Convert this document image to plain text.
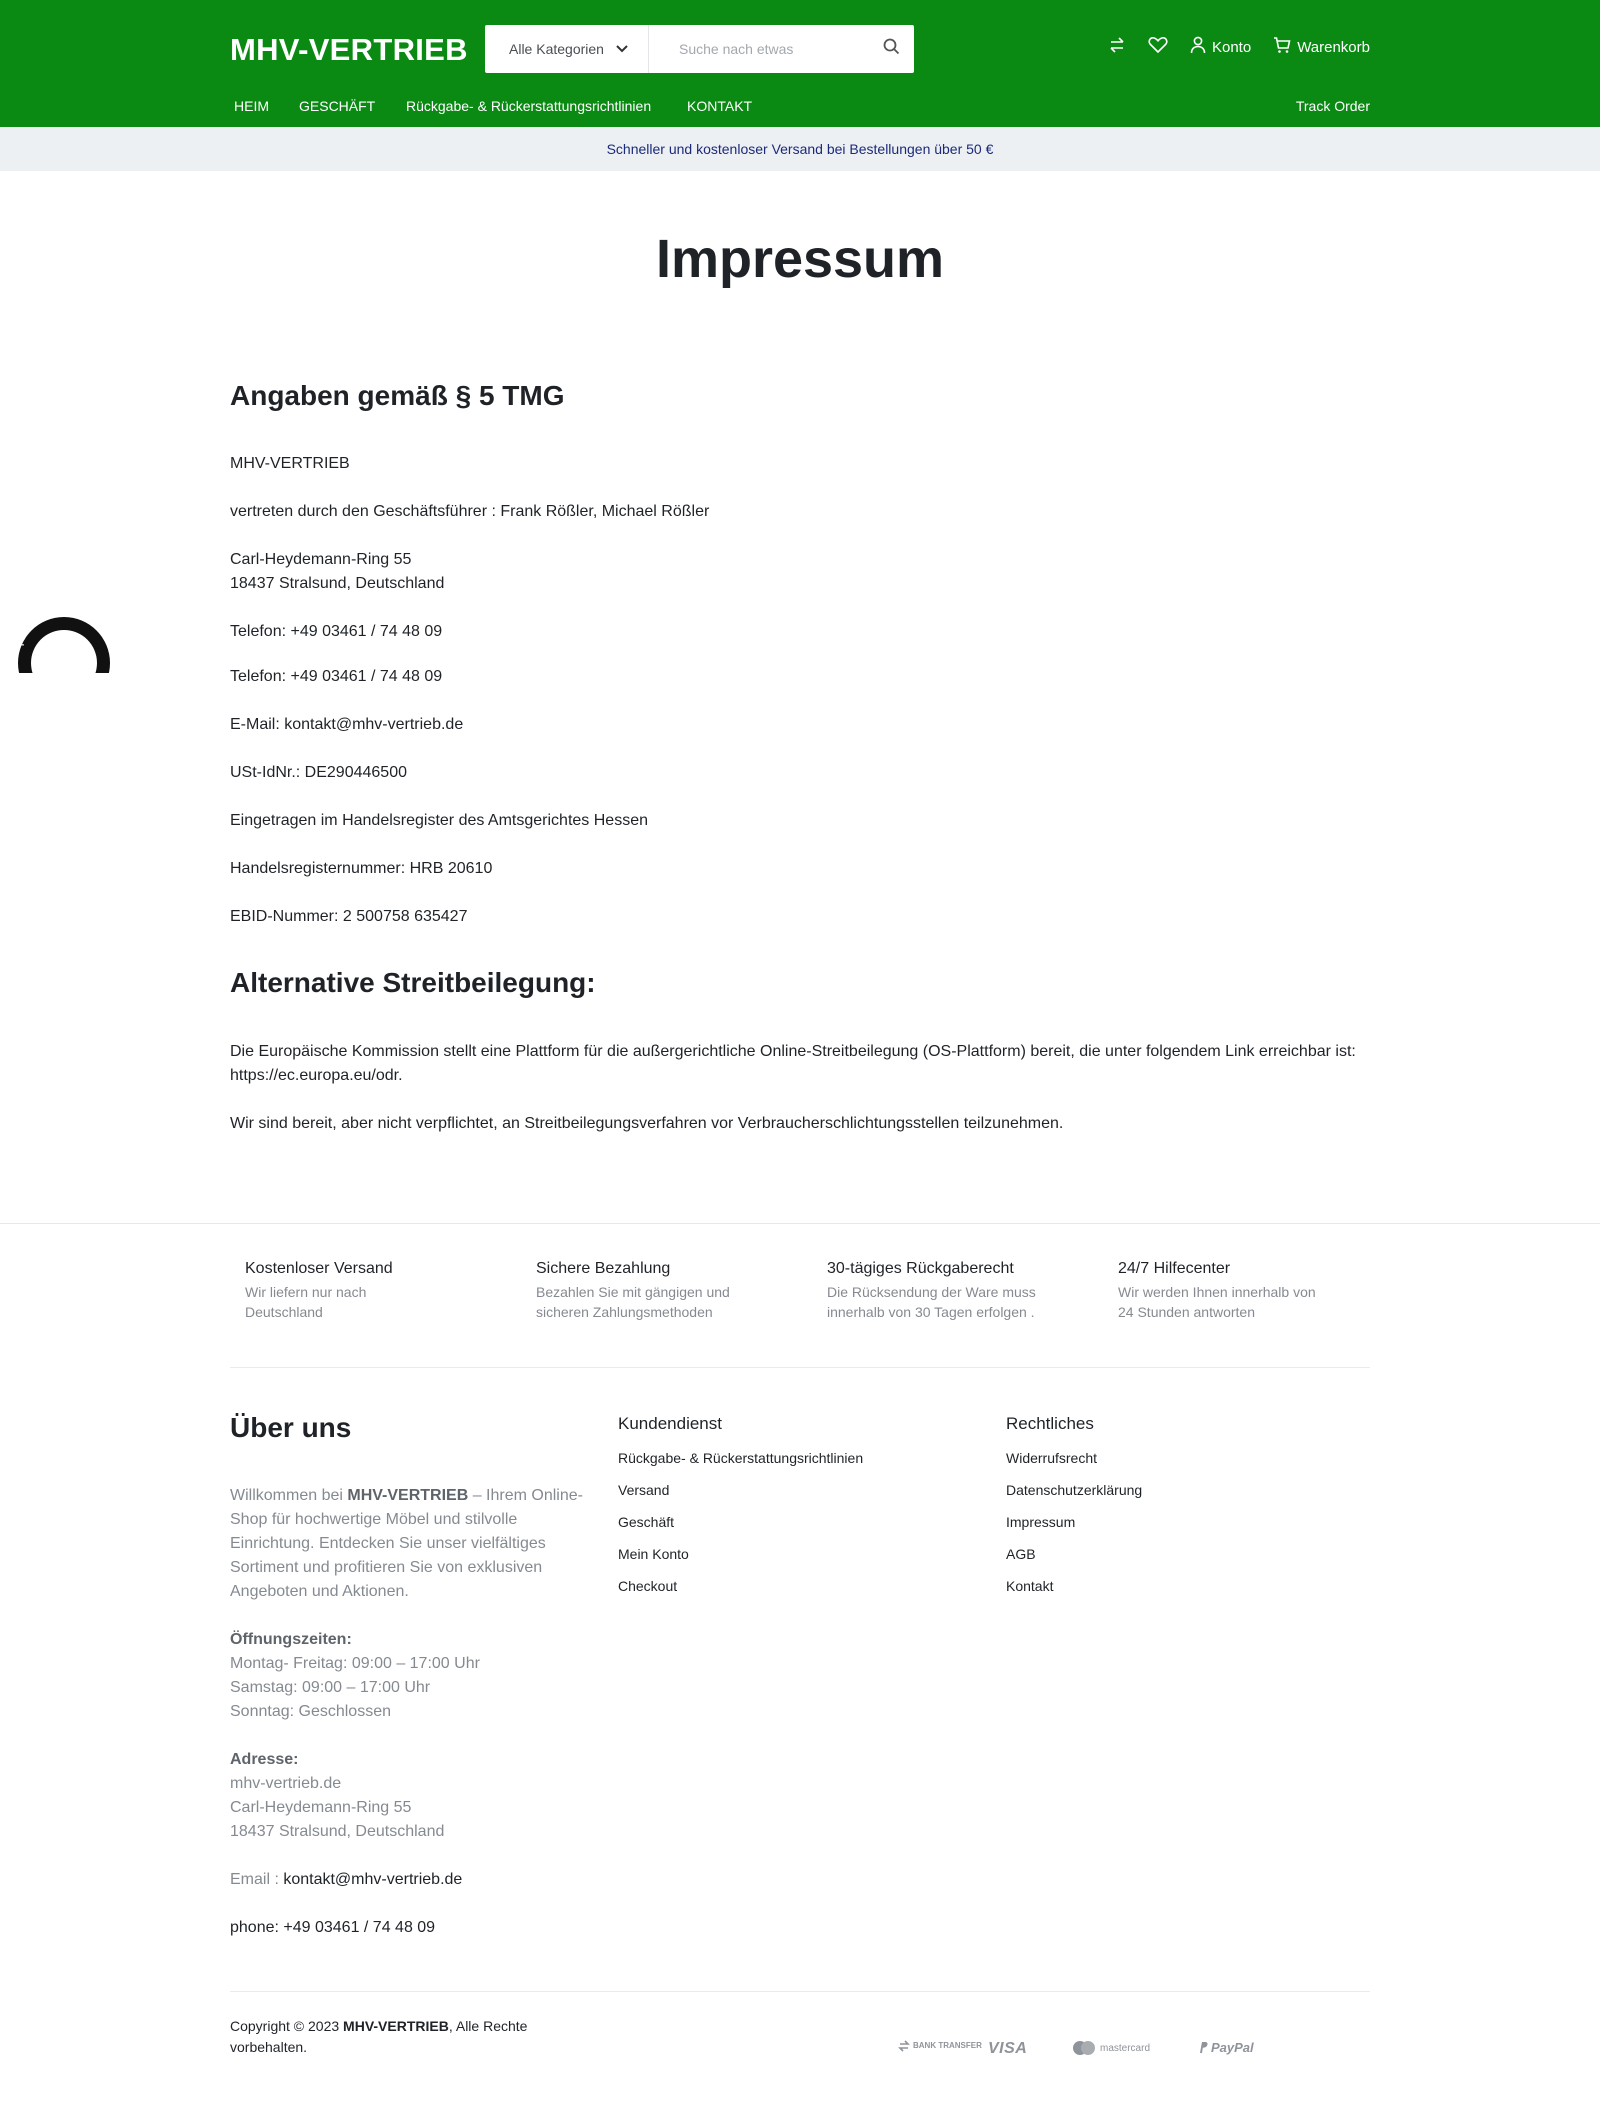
MHV-VERTRIEB	Alle Kategorien
Suche nach etwas	Konto	Warenkorb
HEIM GESCHÄFT Rückgabe- & Rückerstattungsrichtlinien	KONTAKT	Track Order
Schneller und kostenloser Versand bei Bestellungen über 50 €
FÜR GAR
Impressum
Angaben gemäß § 5 TMG
MHV-VERTRIEB
vertreten durch den Geschäftsführer : Frank Rößler, Michael Rößler
Carl-Heydemann-Ring 55
18437 Stralsund, Deutschland
Telefon: +49 03461 / 74 48 09
Telefon: +49 03461 / 74 48 09
E-Mail: kontakt@mhv-vertrieb.de
USt-IdNr.: DE290446500
Eingetragen im Handelsregister des Amtsgerichtes Hessen
Handelsregisternummer: HRB 20610
EBID-Nummer: 2 500758 635427
Alternative Streitbeilegung:
Die Europäische Kommission stellt eine Plattform für die außergerichtliche Online-Streitbeilegung (OS-Plattform) bereit, die unter folgendem Link erreichbar ist: https://ec.europa.eu/odr.
Wir sind bereit, aber nicht verpflichtet, an Streitbeilegungsverfahren vor Verbraucherschlichtungsstellen teilzunehmen.
Kostenloser Versand
Wir liefern nur nach Deutschland
Sichere Bezahlung
Bezahlen Sie mit gängigen und sicheren Zahlungsmethoden
30-tägiges Rückgaberecht
Die Rücksendung der Ware muss innerhalb von 30 Tagen erfolgen .
24/7 Hilfecenter
Wir werden Ihnen innerhalb von 24 Stunden antworten
Über uns
Willkommen bei MHV-VERTRIEB – Ihrem Online-Shop für hochwertige Möbel und stilvolle Einrichtung. Entdecken Sie unser vielfältiges Sortiment und profitieren Sie von exklusiven Angeboten und Aktionen.
Öffnungszeiten:
Montag- Freitag: 09:00 – 17:00 Uhr
Samstag: 09:00 – 17:00 Uhr
Sonntag: Geschlossen
Adresse:
mhv-vertrieb.de
Carl-Heydemann-Ring 55
18437 Stralsund, Deutschland
Email : kontakt@mhv-vertrieb.de
phone: +49 03461 / 74 48 09
Kundendienst
Rückgabe- & Rückerstattungsrichtlinien
Versand
Geschäft
Mein Konto
Checkout
Rechtliches
Widerrufsrecht
Datenschutzerklärung
Impressum
AGB
Kontakt
Copyright © 2023 MHV-VERTRIEB, Alle Rechte vorbehalten.	BANK TRANSFER VISA	mastercard	PayPal
